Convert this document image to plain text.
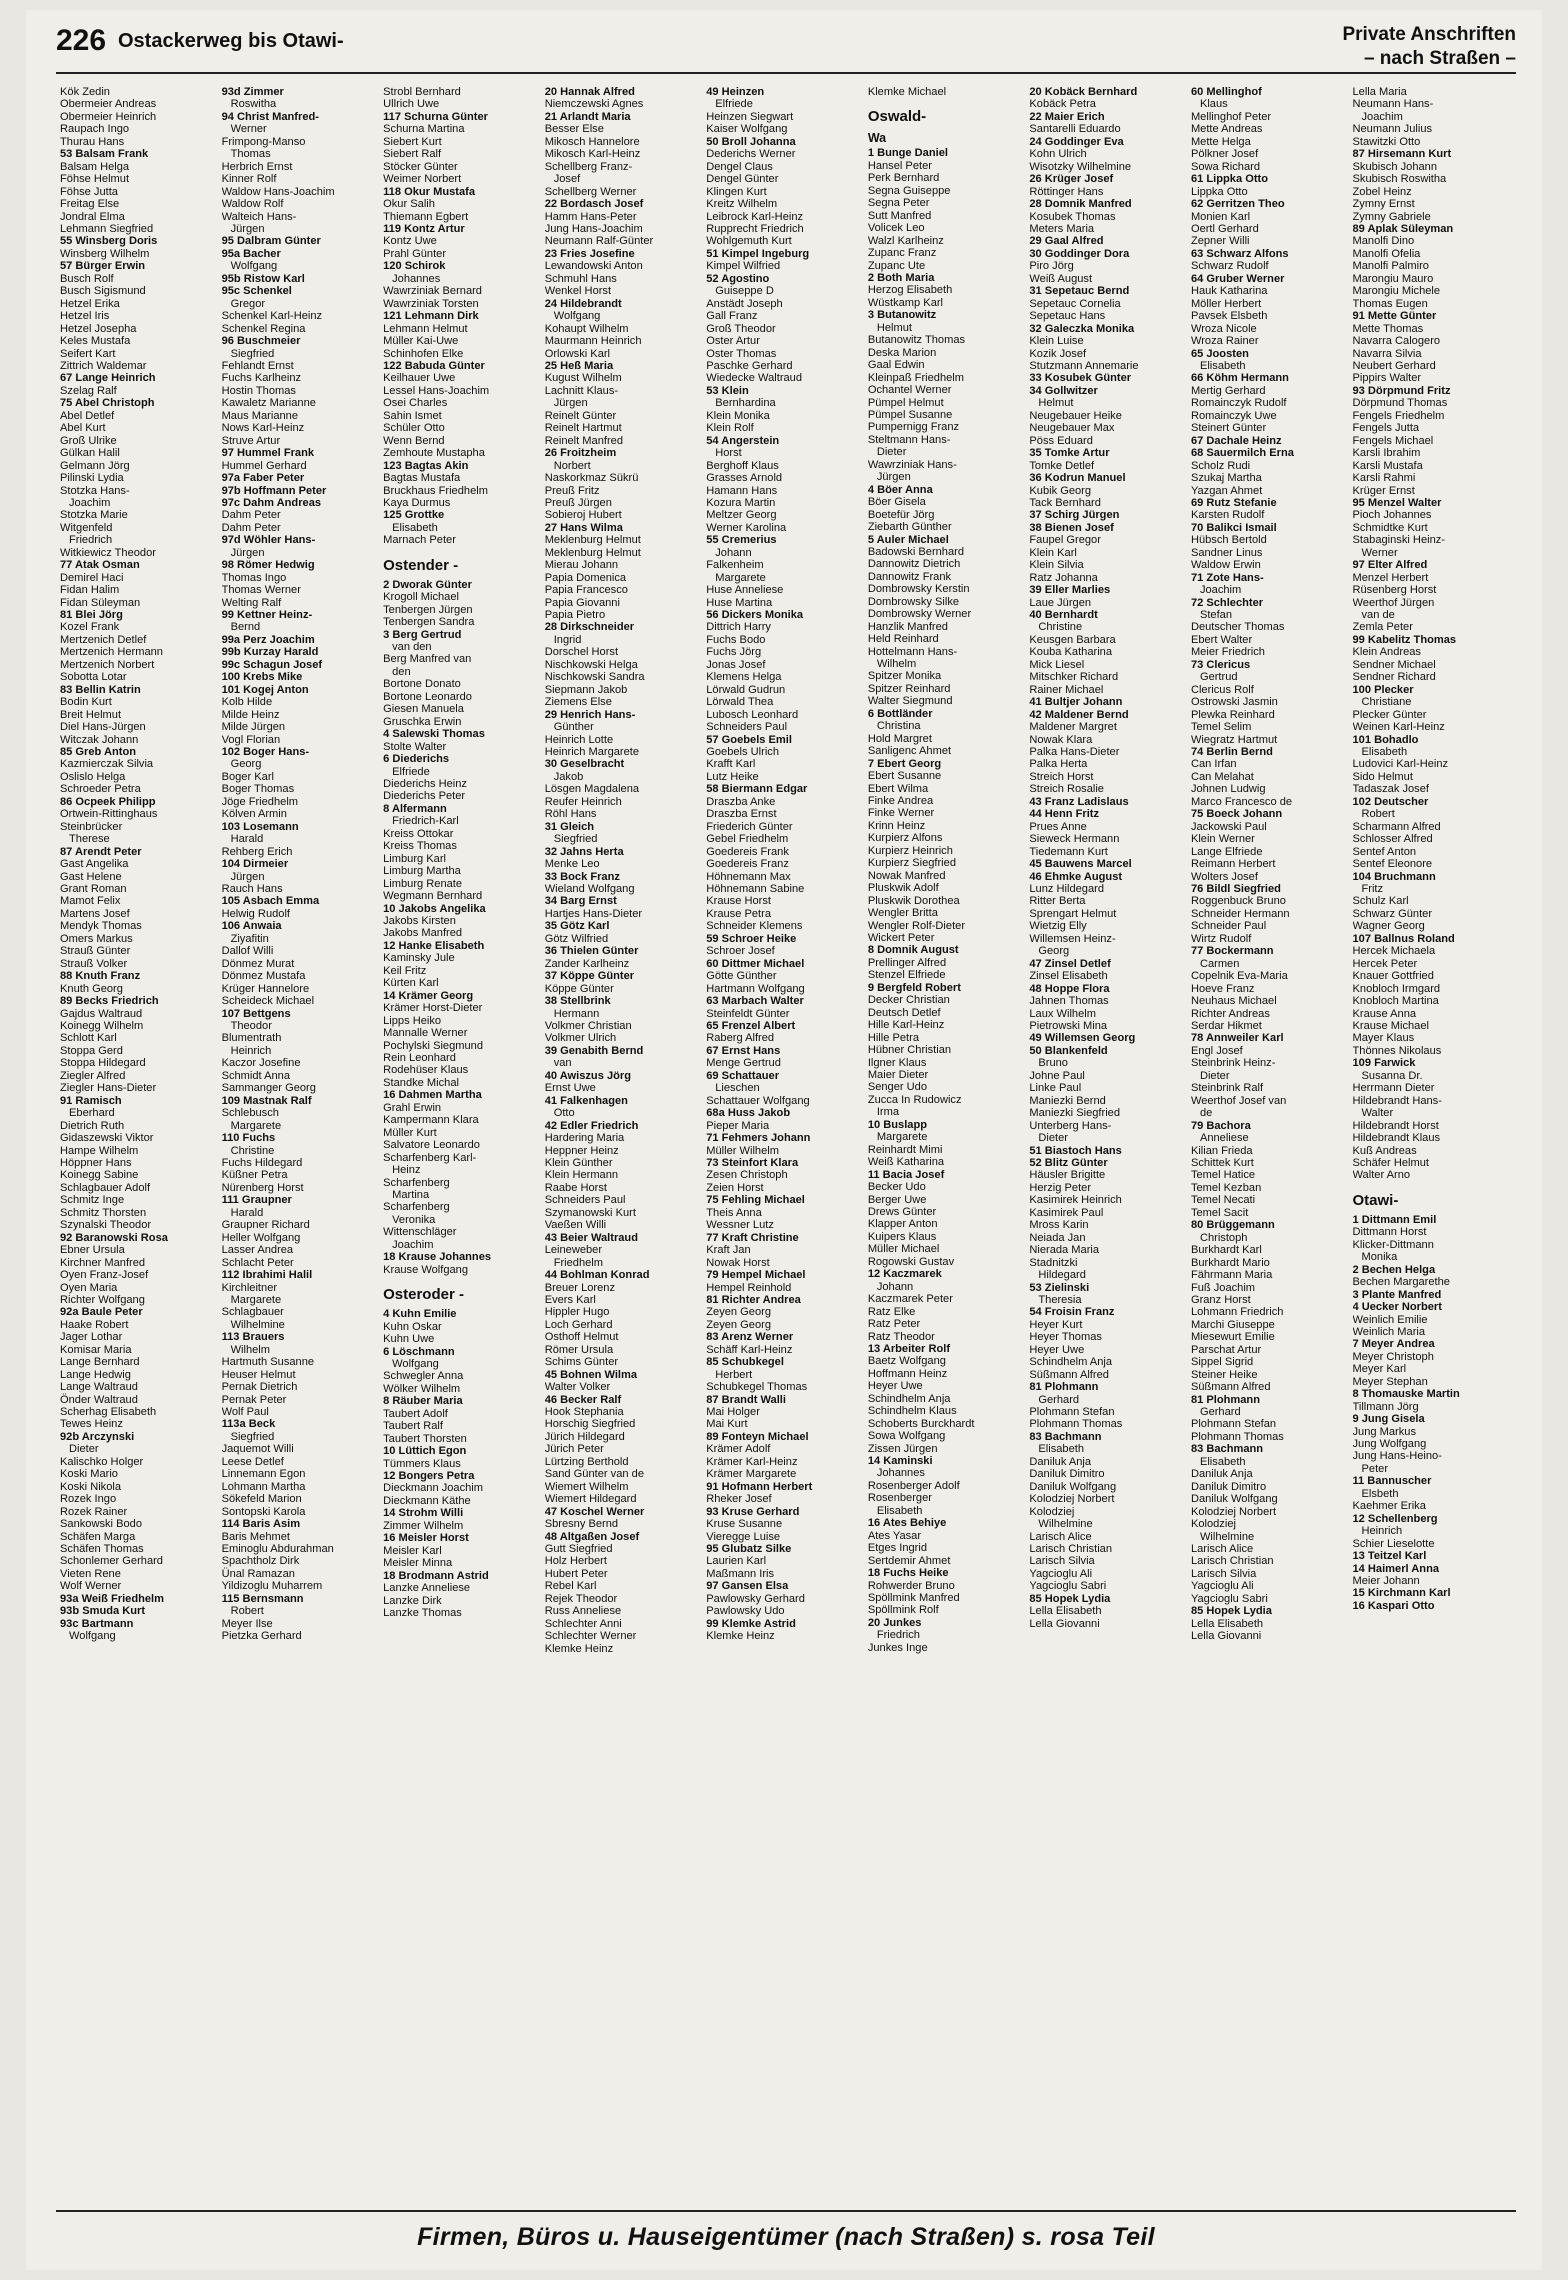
226 Ostackerweg bis Otawi-	Private Anschriften
– nach Straßen –
Kök Zedin
Obermeier Andreas
Obermeier Heinrich
Raupach Ingo
Thurau Hans
53 Balsam Frank
Balsam Helga
Föhse Helmut
Föhse Jutta
Freitag Else
Jondral Elma
Lehmann Siegfried
55 Winsberg Doris
Winsberg Wilhelm
57 Bürger Erwin
Busch Rolf
Busch Sigismund
Hetzel Erika
Hetzel Iris
Hetzel Josepha
Keles Mustafa
Seifert Kart
Zittrich Waldemar
67 Lange Heinrich
Szelag Ralf
75 Abel Christoph
Abel Detlef
Abel Kurt
Groß Ulrike
Gülkan Halil
Gelmann Jörg
Pilinski Lydia
Stotzka Hans-
Joachim
Stotzka Marie
Witgenfeld
Friedrich
Witkiewicz Theodor
77 Atak Osman
Demirel Haci
Fidan Halim
Fidan Süleyman
81 Blei Jörg
Kozel Frank
Mertzenich Detlef
Mertzenich Hermann
Mertzenich Norbert
Sobotta Lotar
83 Bellin Katrin
Bodin Kurt
Breit Helmut
Diel Hans-Jürgen
Witczak Johann
85 Greb Anton
Kazmierczak Silvia
Oslislo Helga
Schroeder Petra
86 Ocpeek Philipp
Ortwein-Rittinghaus
Steinbrücker
Therese
87 Arendt Peter
Gast Angelika
Gast Helene
Grant Roman
Mamot Felix
Martens Josef
Mendyk Thomas
Omers Markus
Strauß Günter
Strauß Volker
88 Knuth Franz
Knuth Georg
89 Becks Friedrich
Gajdus Waltraud
Koinegg Wilhelm
Schlott Karl
Stoppa Gerd
Stoppa Hildegard
Ziegler Alfred
Ziegler Hans-Dieter
91 Ramisch
Eberhard
Dietrich Ruth
Gidaszewski Viktor
Hampe Wilhelm
Höppner Hans
Koinegg Sabine
Schlagbauer Adolf
Schmitz Inge
Schmitz Thorsten
Szynalski Theodor
92 Baranowski Rosa
Ebner Ursula
Kirchner Manfred
Oyen Franz-Josef
Oyen Maria
Richter Wolfgang
92a Baule Peter
Haake Robert
Jager Lothar
Komisar Maria
Lange Bernhard
Lange Hedwig
Lange Waltraud
Önder Waltraud
Scherhag Elisabeth
Tewes Heinz
92b Arczynski
Dieter
Kalischko Holger
Koski Mario
Koski Nikola
Rozek Ingo
Rozek Rainer
Sankowski Bodo
Schäfen Marga
Schäfen Thomas
Schonlemer Gerhard
Vieten Rene
Wolf Werner
93a Weiß Friedhelm
93b Smuda Kurt
93c Bartmann
Wolfgang
93d Zimmer
Roswitha
94 Christ Manfred-
Werner
Frimpong-Manso
Thomas
Herbrich Ernst
Kinner Rolf
Waldow Hans-Joachim
Waldow Rolf
Walteich Hans-
Jürgen
95 Dalbram Günter
95a Bacher
Wolfgang
95b Ristow Karl
95c Schenkel
Gregor
Schenkel Karl-Heinz
Schenkel Regina
96 Buschmeier
Siegfried
Fehlandt Ernst
Fuchs Karlheinz
Hostin Thomas
Kawaletz Marianne
Maus Marianne
Nows Karl-Heinz
Struve Artur
97 Hummel Frank
Hummel Gerhard
97a Faber Peter
97b Hoffmann Peter
97c Dahm Andreas
Dahm Peter
Dahm Peter
97d Wöhler Hans-
Jürgen
98 Römer Hedwig
Thomas Ingo
Thomas Werner
Welting Ralf
99 Kettner Heinz-
Bernd
99a Perz Joachim
99b Kurzay Harald
99c Schagun Josef
100 Krebs Mike
101 Kogej Anton
Kolb Hilde
Milde Heinz
Milde Jürgen
Vogl Florian
102 Boger Hans-
Georg
Boger Karl
Boger Thomas
Jöge Friedhelm
Kölven Armin
103 Losemann
Harald
Rehberg Erich
104 Dirmeier
Jürgen
Rauch Hans
105 Asbach Emma
Helwig Rudolf
106 Anwaia
Ziyafitin
Dallof Willi
Dönmez Murat
Dönmez Mustafa
Krüger Hannelore
Scheideck Michael
107 Bettgens
Theodor
Blumentrath
Heinrich
Kaczor Josefine
Schmidt Anna
Sammanger Georg
109 Mastnak Ralf
Schlebusch
Margarete
110 Fuchs
Christine
Fuchs Hildegard
Küßner Petra
Nürenberg Horst
111 Graupner
Harald
Graupner Richard
Heller Wolfgang
Lasser Andrea
Schlacht Peter
112 Ibrahimi Halil
Kirchleitner
Margarete
Schlagbauer
Wilhelmine
113 Brauers
Wilhelm
Hartmuth Susanne
Heuser Helmut
Pernak Dietrich
Pernak Peter
Wolf Paul
113a Beck
Siegfried
Jaquemot Willi
Leese Detlef
Linnemann Egon
Lohmann Martha
Sökefeld Marion
Sontopski Karola
114 Baris Asim
Baris Mehmet
Eminoglu Abdurahman
Spachtholz Dirk
Ünal Ramazan
Yildizoglu Muharrem
115 Bernsmann
Robert
Meyer Ilse
Pietzka Gerhard
Strobl Bernhard
Ullrich Uwe
117 Schurna Günter
Schurna Martina
Siebert Kurt
Siebert Ralf
Stöcker Günter
Weimer Norbert
118 Okur Mustafa
Okur Salih
Thiemann Egbert
119 Kontz Artur
Kontz Uwe
Prahl Günter
120 Schirok
Johannes
Wawrziniak Bernard
Wawrziniak Torsten
121 Lehmann Dirk
Lehmann Helmut
Müller Kai-Uwe
Schinhofen Elke
122 Babuda Günter
Keilhauer Uwe
Lessel Hans-Joachim
Osei Charles
Sahin Ismet
Schüler Otto
Wenn Bernd
Zemhoute Mustapha
123 Bagtas Akin
Bagtas Mustafa
Bruckhaus Friedhelm
Kaya Durmus
125 Grottke
Elisabeth
Marnach Peter
Ostender -
2 Dworak Günter
Krogoll Michael
Tenbergen Jürgen
Tenbergen Sandra
3 Berg Gertrud
van den
Berg Manfred van
den
Bortone Donato
Bortone Leonardo
Giesen Manuela
Gruschka Erwin
4 Salewski Thomas
Stolte Walter
6 Diederichs
Elfriede
Diederichs Heinz
Diederichs Peter
8 Alfermann
Friedrich-Karl
Kreiss Ottokar
Kreiss Thomas
Limburg Karl
Limburg Martha
Limburg Renate
Wegmann Bernhard
10 Jakobs Angelika
Jakobs Kirsten
Jakobs Manfred
12 Hanke Elisabeth
Kaminsky Jule
Keil Fritz
Kürten Karl
14 Krämer Georg
Krämer Horst-Dieter
Lipps Heiko
Mannalle Werner
Pochylski Siegmund
Rein Leonhard
Rodehüser Klaus
Standke Michal
16 Dahmen Martha
Grahl Erwin
Kampermann Klara
Müller Kurt
Salvatore Leonardo
Scharfenberg Karl-
Heinz
Scharfenberg
Martina
Scharfenberg
Veronika
Wittenschläger
Joachim
18 Krause Johannes
Krause Wolfgang
Osteroder -
4 Kuhn Emilie
Kuhn Oskar
Kuhn Uwe
6 Löschmann
Wolfgang
Schwegler Anna
Wölker Wilhelm
8 Räuber Maria
Taubert Adolf
Taubert Ralf
Taubert Thorsten
10 Lüttich Egon
Tümmers Klaus
12 Bongers Petra
Dieckmann Joachim
Dieckmann Käthe
14 Strohm Willi
Zimmer Wilhelm
16 Meisler Horst
Meisler Karl
Meisler Minna
18 Brodmann Astrid
Lanzke Anneliese
Lanzke Dirk
Lanzke Thomas
20 Hannak Alfred
Niemczewski Agnes
21 Arlandt Maria
Besser Else
Mikosch Hannelore
Mikosch Karl-Heinz
Schellberg Franz-
Josef
Schellberg Werner
22 Bordasch Josef
Hamm Hans-Peter
Jung Hans-Joachim
Neumann Ralf-Günter
23 Fries Josefine
Lewandowski Anton
Schmuhl Hans
Wenkel Horst
24 Hildebrandt
Wolfgang
Kohaupt Wilhelm
Maurmann Heinrich
Orlowski Karl
25 Heß Maria
Kugust Wilhelm
Lachnitt Klaus-
Jürgen
Reinelt Günter
Reinelt Hartmut
Reinelt Manfred
26 Froitzheim
Norbert
Naskorkmaz Sükrü
Preuß Fritz
Preuß Jürgen
Sobieroj Hubert
27 Hans Wilma
Meklenburg Helmut
Meklenburg Helmut
Mierau Johann
Papia Domenica
Papia Francesco
Papia Giovanni
Papia Pietro
28 Dirkschneider
Ingrid
Dorschel Horst
Nischkowski Helga
Nischkowski Sandra
Siepmann Jakob
Ziemens Else
29 Henrich Hans-
Günther
Heinrich Lotte
Heinrich Margarete
30 Geselbracht
Jakob
Lösgen Magdalena
Reufer Heinrich
Röhl Hans
31 Gleich
Siegfried
32 Jahns Herta
Menke Leo
33 Bock Franz
Wieland Wolfgang
34 Barg Ernst
Hartjes Hans-Dieter
35 Götz Karl
Götz Wilfried
36 Thielen Günter
Zander Karlheinz
37 Köppe Günter
Köppe Günter
38 Stellbrink
Hermann
Volkmer Christian
Volkmer Ulrich
39 Genabith Bernd
van
40 Awiszus Jörg
Ernst Uwe
41 Falkenhagen
Otto
42 Edler Friedrich
Hardering Maria
Heppner Heinz
Klein Günther
Klein Hermann
Raabe Horst
Schneiders Paul
Szymanowski Kurt
Vaeßen Willi
43 Beier Waltraud
Leineweber
Friedhelm
44 Bohlman Konrad
Breuer Lorenz
Evers Karl
Hippler Hugo
Loch Gerhard
Osthoff Helmut
Römer Ursula
Schims Günter
45 Bohnen Wilma
Walter Volker
46 Becker Ralf
Hook Stephania
Horschig Siegfried
Jürich Hildegard
Jürich Peter
Lürtzing Berthold
Sand Günter van de
Wiemert Wilhelm
Wiemert Hildegard
47 Koschel Werner
Sbresny Bernd
48 Altgaßen Josef
Gutt Siegfried
Holz Herbert
Hubert Peter
Rebel Karl
Rejek Theodor
Russ Anneliese
Schlechter Anni
Schlechter Werner
Klemke Heinz
49 Heinzen
Elfriede
Heinzen Siegwart
Kaiser Wolfgang
50 Broll Johanna
Dederichs Werner
Dengel Claus
Dengel Günter
Klingen Kurt
Kreitz Wilhelm
Leibrock Karl-Heinz
Rupprecht Friedrich
Wohlgemuth Kurt
51 Kimpel Ingeburg
Kimpel Wilfried
52 Agostino
Guiseppe D
Anstädt Joseph
Gall Franz
Groß Theodor
Oster Artur
Oster Thomas
Paschke Gerhard
Wiedecke Waltraud
53 Klein
Bernhardina
Klein Monika
Klein Rolf
54 Angerstein
Horst
Berghoff Klaus
Grasses Arnold
Hamann Hans
Kozura Martin
Meltzer Georg
Werner Karolina
55 Cremerius
Johann
Falkenheim
Margarete
Huse Anneliese
Huse Martina
56 Dickers Monika
Dittrich Harry
Fuchs Bodo
Fuchs Jörg
Jonas Josef
Klemens Helga
Lörwald Gudrun
Lörwald Thea
Lubosch Leonhard
Schneiders Paul
57 Goebels Emil
Goebels Ulrich
Krafft Karl
Lutz Heike
58 Biermann Edgar
Draszba Anke
Draszba Ernst
Friederich Günter
Gebel Friedhelm
Goedereis Frank
Goedereis Franz
Höhnemann Max
Höhnemann Sabine
Krause Horst
Krause Petra
Schneider Klemens
59 Schroer Heike
Schroer Josef
60 Dittmer Michael
Götte Günther
Hartmann Wolfgang
63 Marbach Walter
Steinfeldt Günter
65 Frenzel Albert
Raberg Alfred
67 Ernst Hans
Menge Gertrud
69 Schattauer
Lieschen
Schattauer Wolfgang
68a Huss Jakob
Pieper Maria
71 Fehmers Johann
Müller Wilhelm
73 Steinfort Klara
Zesen Christoph
Zeien Horst
75 Fehling Michael
Theis Anna
Wessner Lutz
77 Kraft Christine
Kraft Jan
Nowak Horst
79 Hempel Michael
Hempel Reinhold
81 Richter Andrea
Zeyen Georg
Zeyen Georg
83 Arenz Werner
Schäff Karl-Heinz
85 Schubkegel
Herbert
Schubkegel Thomas
87 Brandt Walli
Mai Holger
Mai Kurt
89 Fonteyn Michael
Krämer Adolf
Krämer Karl-Heinz
Krämer Margarete
91 Hofmann Herbert
Rheker Josef
93 Kruse Gerhard
Kruse Susanne
Vieregge Luise
95 Glubatz Silke
Laurien Karl
Maßmann Iris
97 Gansen Elsa
Pawlowsky Gerhard
Pawlowsky Udo
99 Klemke Astrid
Klemke Heinz
Klemke Michael
Oswald-
Wa
1 Bunge Daniel
Hansel Peter
Perk Bernhard
Segna Guiseppe
Segna Peter
Sutt Manfred
Volicek Leo
Walzl Karlheinz
Zupanc Franz
Zupanc Ute
2 Both Maria
Herzog Elisabeth
Wüstkamp Karl
3 Butanowitz
Helmut
Butanowitz Thomas
Deska Marion
Gaal Edwin
Kleinpaß Friedhelm
Ochantel Werner
Pümpel Helmut
Pümpel Susanne
Pumpernigg Franz
Steltmann Hans-
Dieter
Wawrziniak Hans-
Jürgen
4 Böer Anna
Böer Gisela
Boetefür Jörg
Ziebarth Günther
5 Auler Michael
Badowski Bernhard
Dannowitz Dietrich
Dannowitz Frank
Dombrowsky Kerstin
Dombrowsky Silke
Dombrowsky Werner
Hanzlik Manfred
Held Reinhard
Hottelmann Hans-
Wilhelm
Spitzer Monika
Spitzer Reinhard
Walter Siegmund
6 Bottländer
Christina
Hold Margret
Sanligenc Ahmet
7 Ebert Georg
Ebert Susanne
Ebert Wilma
Finke Andrea
Finke Werner
Krinn Heinz
Kurpierz Alfons
Kurpierz Heinrich
Kurpierz Siegfried
Nowak Manfred
Pluskwik Adolf
Pluskwik Dorothea
Wengler Britta
Wengler Rolf-Dieter
Wickert Peter
8 Domnik August
Prellinger Alfred
Stenzel Elfriede
9 Bergfeld Robert
Decker Christian
Deutsch Detlef
Hille Karl-Heinz
Hille Petra
Hübner Christian
Ilgner Klaus
Maier Dieter
Senger Udo
Zucca In Rudowicz
Irma
10 Buslapp
Margarete
Reinhardt Mimi
Weiß Katharina
11 Bacia Josef
Becker Udo
Berger Uwe
Drews Günter
Klapper Anton
Kuipers Klaus
Müller Michael
Rogowski Gustav
12 Kaczmarek
Johann
Kaczmarek Peter
Ratz Elke
Ratz Peter
Ratz Theodor
13 Arbeiter Rolf
Baetz Wolfgang
Hoffmann Heinz
Heyer Uwe
Schindhelm Anja
Schindhelm Klaus
Schoberts Burckhardt
Sowa Wolfgang
Zissen Jürgen
14 Kaminski
Johannes
Rosenberger Adolf
Rosenberger
Elisabeth
16 Ates Behiye
Ates Yasar
Etges Ingrid
Sertdemir Ahmet
18 Fuchs Heike
Rohwerder Bruno
Spöllmink Manfred
Spöllmink Rolf
20 Junkes
Friedrich
Junkes Inge
20 Kobäck Bernhard
Kobäck Petra
22 Maier Erich
Santarelli Eduardo
24 Goddinger Eva
Kohn Ulrich
Wisotzky Wilhelmine
26 Krüger Josef
Röttinger Hans
28 Domnik Manfred
Kosubek Thomas
Meters Maria
29 Gaal Alfred
30 Goddinger Dora
Piro Jörg
Weiß August
31 Sepetauc Bernd
Sepetauc Cornelia
Sepetauc Hans
32 Galeczka Monika
Klein Luise
Kozik Josef
Stutzmann Annemarie
33 Kosubek Günter
34 Gollwitzer
Helmut
Neugebauer Heike
Neugebauer Max
Pöss Eduard
35 Tomke Artur
Tomke Detlef
36 Kodrun Manuel
Kubik Georg
Tack Bernhard
37 Schirg Jürgen
38 Bienen Josef
Faupel Gregor
Klein Karl
Klein Silvia
Ratz Johanna
39 Eller Marlies
Laue Jürgen
40 Bernhardt
Christine
Keusgen Barbara
Kouba Katharina
Mick Liesel
Mitschker Richard
Rainer Michael
41 Bultjer Johann
42 Maldener Bernd
Maldener Margret
Nowak Klara
Palka Hans-Dieter
Palka Herta
Streich Horst
Streich Rosalie
43 Franz Ladislaus
44 Henn Fritz
Prues Anne
Sieweck Hermann
Tiedemann Kurt
45 Bauwens Marcel
46 Ehmke August
Lunz Hildegard
Ritter Berta
Sprengart Helmut
Wietzig Elly
Willemsen Heinz-
Georg
47 Zinsel Detlef
Zinsel Elisabeth
48 Hoppe Flora
Jahnen Thomas
Laux Wilhelm
Pietrowski Mina
49 Willemsen Georg
50 Blankenfeld
Bruno
Johne Paul
Linke Paul
Maniezki Bernd
Maniezki Siegfried
Unterberg Hans-
Dieter
51 Biastoch Hans
52 Blitz Günter
Häusler Brigitte
Herzig Peter
Kasimirek Heinrich
Kasimirek Paul
Mross Karin
Neiada Jan
Nierada Maria
Stadnitzki
Hildegard
53 Zielinski
Theresia
54 Froisin Franz
Heyer Kurt
Heyer Thomas
Heyer Uwe
Schindhelm Anja
Süßmann Alfred
81 Plohmann
Gerhard
Plohmann Stefan
Plohmann Thomas
83 Bachmann
Elisabeth
Daniluk Anja
Daniluk Dimitro
Daniluk Wolfgang
Kolodziej Norbert
Kolodziej
Wilhelmine
Larisch Alice
Larisch Christian
Larisch Silvia
Yagcioglu Ali
Yagcioglu Sabri
85 Hopek Lydia
Lella Elisabeth
Lella Giovanni
60 Mellinghof
Klaus
Mellinghof Peter
Mette Andreas
Mette Helga
Pölkner Josef
Sowa Richard
61 Lippka Otto
Lippka Otto
62 Gerritzen Theo
Monien Karl
Oertl Gerhard
Zepner Willi
63 Schwarz Alfons
Schwarz Rudolf
64 Gruber Werner
Hauk Katharina
Möller Herbert
Pavsek Elsbeth
Wroza Nicole
Wroza Rainer
65 Joosten
Elisabeth
66 Köhm Hermann
Mertig Gerhard
Romainczyk Rudolf
Romainczyk Uwe
Steinert Günter
67 Dachale Heinz
68 Sauermilch Erna
Scholz Rudi
Szukaj Martha
Yazgan Ahmet
69 Rutz Stefanie
Karsten Rudolf
70 Balikci Ismail
Hübsch Bertold
Sandner Linus
Waldow Erwin
71 Zote Hans-
Joachim
72 Schlechter
Stefan
Deutscher Thomas
Ebert Walter
Meier Friedrich
73 Clericus
Gertrud
Clericus Rolf
Ostrowski Jasmin
Plewka Reinhard
Temel Selim
Wiegratz Hartmut
74 Berlin Bernd
Can Irfan
Can Melahat
Johnen Ludwig
Marco Francesco de
75 Boeck Johann
Jackowski Paul
Klein Werner
Lange Elfriede
Reimann Herbert
Wolters Josef
76 Bildl Siegfried
Roggenbuck Bruno
Schneider Hermann
Schneider Paul
Wirtz Rudolf
77 Bockermann
Carmen
Copelnik Eva-Maria
Hoeve Franz
Neuhaus Michael
Richter Andreas
Serdar Hikmet
78 Annweiler Karl
Engl Josef
Steinbrink Heinz-
Dieter
Steinbrink Ralf
Weerthof Josef van
de
79 Bachora
Anneliese
Kilian Frieda
Schittek Kurt
Temel Hatice
Temel Kezban
Temel Necati
Temel Sacit
80 Brüggemann
Christoph
Burkhardt Karl
Burkhardt Mario
Fährmann Maria
Fuß Joachim
Granz Horst
Lohmann Friedrich
Marchi Giuseppe
Miesewurt Emilie
Parschat Artur
Sippel Sigrid
Steiner Heike
Süßmann Alfred
81 Plohmann
Gerhard
Plohmann Stefan
Plohmann Thomas
83 Bachmann
Elisabeth
Daniluk Anja
Daniluk Dimitro
Daniluk Wolfgang
Kolodziej Norbert
Kolodziej
Wilhelmine
Larisch Alice
Larisch Christian
Larisch Silvia
Yagcioglu Ali
Yagcioglu Sabri
85 Hopek Lydia
Lella Elisabeth
Lella Giovanni
Lella Maria
Neumann Hans-
Joachim
Neumann Julius
Stawitzki Otto
87 Hirsemann Kurt
Skubisch Johann
Skubisch Roswitha
Zobel Heinz
Zymny Ernst
Zymny Gabriele
89 Aplak Süleyman
Manolfi Dino
Manolfi Ofelia
Manolfi Palmiro
Marongiu Mauro
Marongiu Michele
Thomas Eugen
91 Mette Günter
Mette Thomas
Navarra Calogero
Navarra Silvia
Neubert Gerhard
Pippirs Walter
93 Dörpmund Fritz
Dörpmund Thomas
Fengels Friedhelm
Fengels Jutta
Fengels Michael
Karsli Ibrahim
Karsli Mustafa
Karsli Rahmi
Krüger Ernst
95 Menzel Walter
Pioch Johannes
Schmidtke Kurt
Stabaginski Heinz-
Werner
97 Elter Alfred
Menzel Herbert
Rüsenberg Horst
Weerthof Jürgen
van de
Zemla Peter
99 Kabelitz Thomas
Klein Andreas
Sendner Michael
Sendner Richard
100 Plecker
Christiane
Plecker Günter
Weinen Karl-Heinz
101 Bohadlo
Elisabeth
Ludovici Karl-Heinz
Sido Helmut
Tadaszak Josef
102 Deutscher
Robert
Scharmann Alfred
Schlosser Alfred
Sentef Anton
Sentef Eleonore
104 Bruchmann
Fritz
Schulz Karl
Schwarz Günter
Wagner Georg
107 Ballnus Roland
Hercek Michaela
Hercek Peter
Knauer Gottfried
Knobloch Irmgard
Knobloch Martina
Krause Anna
Krause Michael
Mayer Klaus
Thönnes Nikolaus
109 Farwick
Susanna Dr.
Herrmann Dieter
Hildebrandt Hans-
Walter
Hildebrandt Horst
Hildebrandt Klaus
Kuß Andreas
Schäfer Helmut
Walter Arno
Otawi-
1 Dittmann Emil
Dittmann Horst
Klicker-Dittmann
Monika
2 Bechen Helga
Bechen Margarethe
3 Plante Manfred
4 Uecker Norbert
Weinlich Emilie
Weinlich Maria
7 Meyer Andrea
Meyer Christoph
Meyer Karl
Meyer Stephan
8 Thomauske Martin
Tillmann Jörg
9 Jung Gisela
Jung Markus
Jung Wolfgang
Jung Hans-Heino-
Peter
11 Bannuscher
Elsbeth
Kaehmer Erika
12 Schellenberg
Heinrich
Schier Lieselotte
13 Teitzel Karl
14 Haimerl Anna
Meier Johann
15 Kirchmann Karl
16 Kaspari Otto
Firmen, Büros u. Hauseigentümer (nach Straßen) s. rosa Teil
